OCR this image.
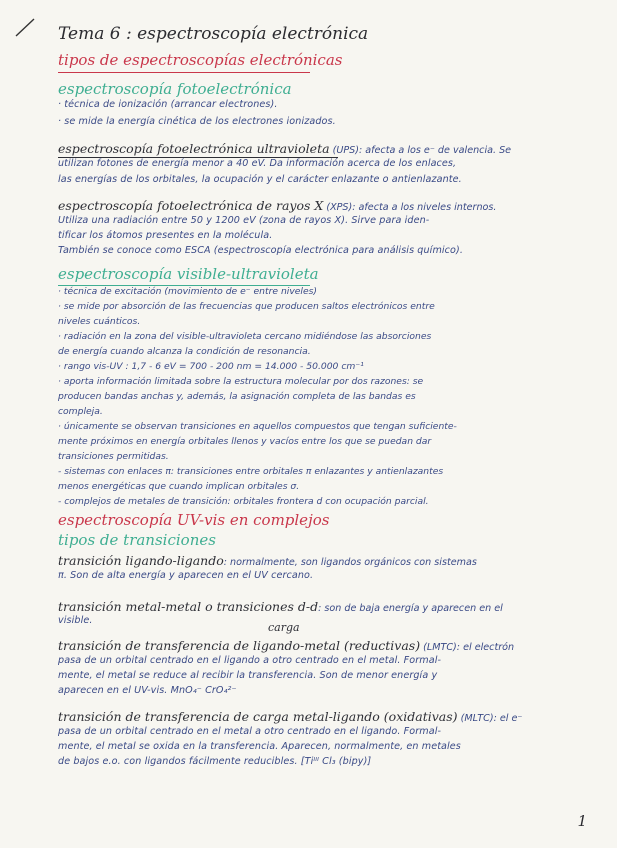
Tema 6 : espectroscopía electrónica
tipos de espectroscopías electrónicas
espectroscopía fotoelectrónica
· técnica de ionización (arrancar electrones).
· se mide la energía cinética de los electrones ionizados.
espectroscopía fotoelectrónica ultravioleta (UPS): afecta a los e⁻ de valencia. Se
utilizan fotones de energía menor a 40 eV. Da información acerca de los enlaces,
las energías de los orbitales, la ocupación y el carácter enlazante o antienlazante.
espectroscopía fotoelectrónica de rayos X (XPS): afecta a los niveles internos.
Utiliza una radiación entre 50 y 1200 eV (zona de rayos X). Sirve para iden-
tificar los átomos presentes en la molécula.
También se conoce como ESCA (espectroscopía electrónica para análisis químico).
espectroscopía visible-ultravioleta
· técnica de excitación (movimiento de e⁻ entre niveles)
· se mide por absorción de las frecuencias que producen saltos electrónicos entre
niveles cuánticos.
· radiación en la zona del visible-ultravioleta cercano midiéndose las absorciones
de energía cuando alcanza la condición de resonancia.
· rango vis-UV : 1,7 - 6 eV = 700 - 200 nm = 14.000 - 50.000 cm⁻¹
· aporta información limitada sobre la estructura molecular por dos razones: se
producen bandas anchas y, además, la asignación completa de las bandas es
compleja.
· únicamente se observan transiciones en aquellos compuestos que tengan suficiente-
mente próximos en energía orbitales llenos y vacíos entre los que se puedan dar
transiciones permitidas.
- sistemas con enlaces π: transiciones entre orbitales π enlazantes y antienlazantes
menos energéticas que cuando implican orbitales σ.
- complejos de metales de transición: orbitales frontera d con ocupación parcial.
espectroscopía UV-vis en complejos
tipos de transiciones
transición ligando-ligando: normalmente, son ligandos orgánicos con sistemas
π. Son de alta energía y aparecen en el UV cercano.
transición metal-metal o transiciones d-d: son de baja energía y aparecen en el
visible.
carga
transición de transferencia de ligando-metal (reductivas) (LMTC): el electrón
pasa de un orbital centrado en el ligando a otro centrado en el metal. Formal-
mente, el metal se reduce al recibir la transferencia. Son de menor energía y
aparecen en el UV-vis. MnO₄⁻ CrO₄²⁻
transición de transferencia de carga metal-ligando (oxidativas) (MLTC): el e⁻
pasa de un orbital centrado en el metal a otro centrado en el ligando. Formal-
mente, el metal se oxida en la transferencia. Aparecen, normalmente, en metales
de bajos e.o. con ligandos fácilmente reducibles. [Tiᴵᴵᴵ Cl₃ (bipy)]
1
